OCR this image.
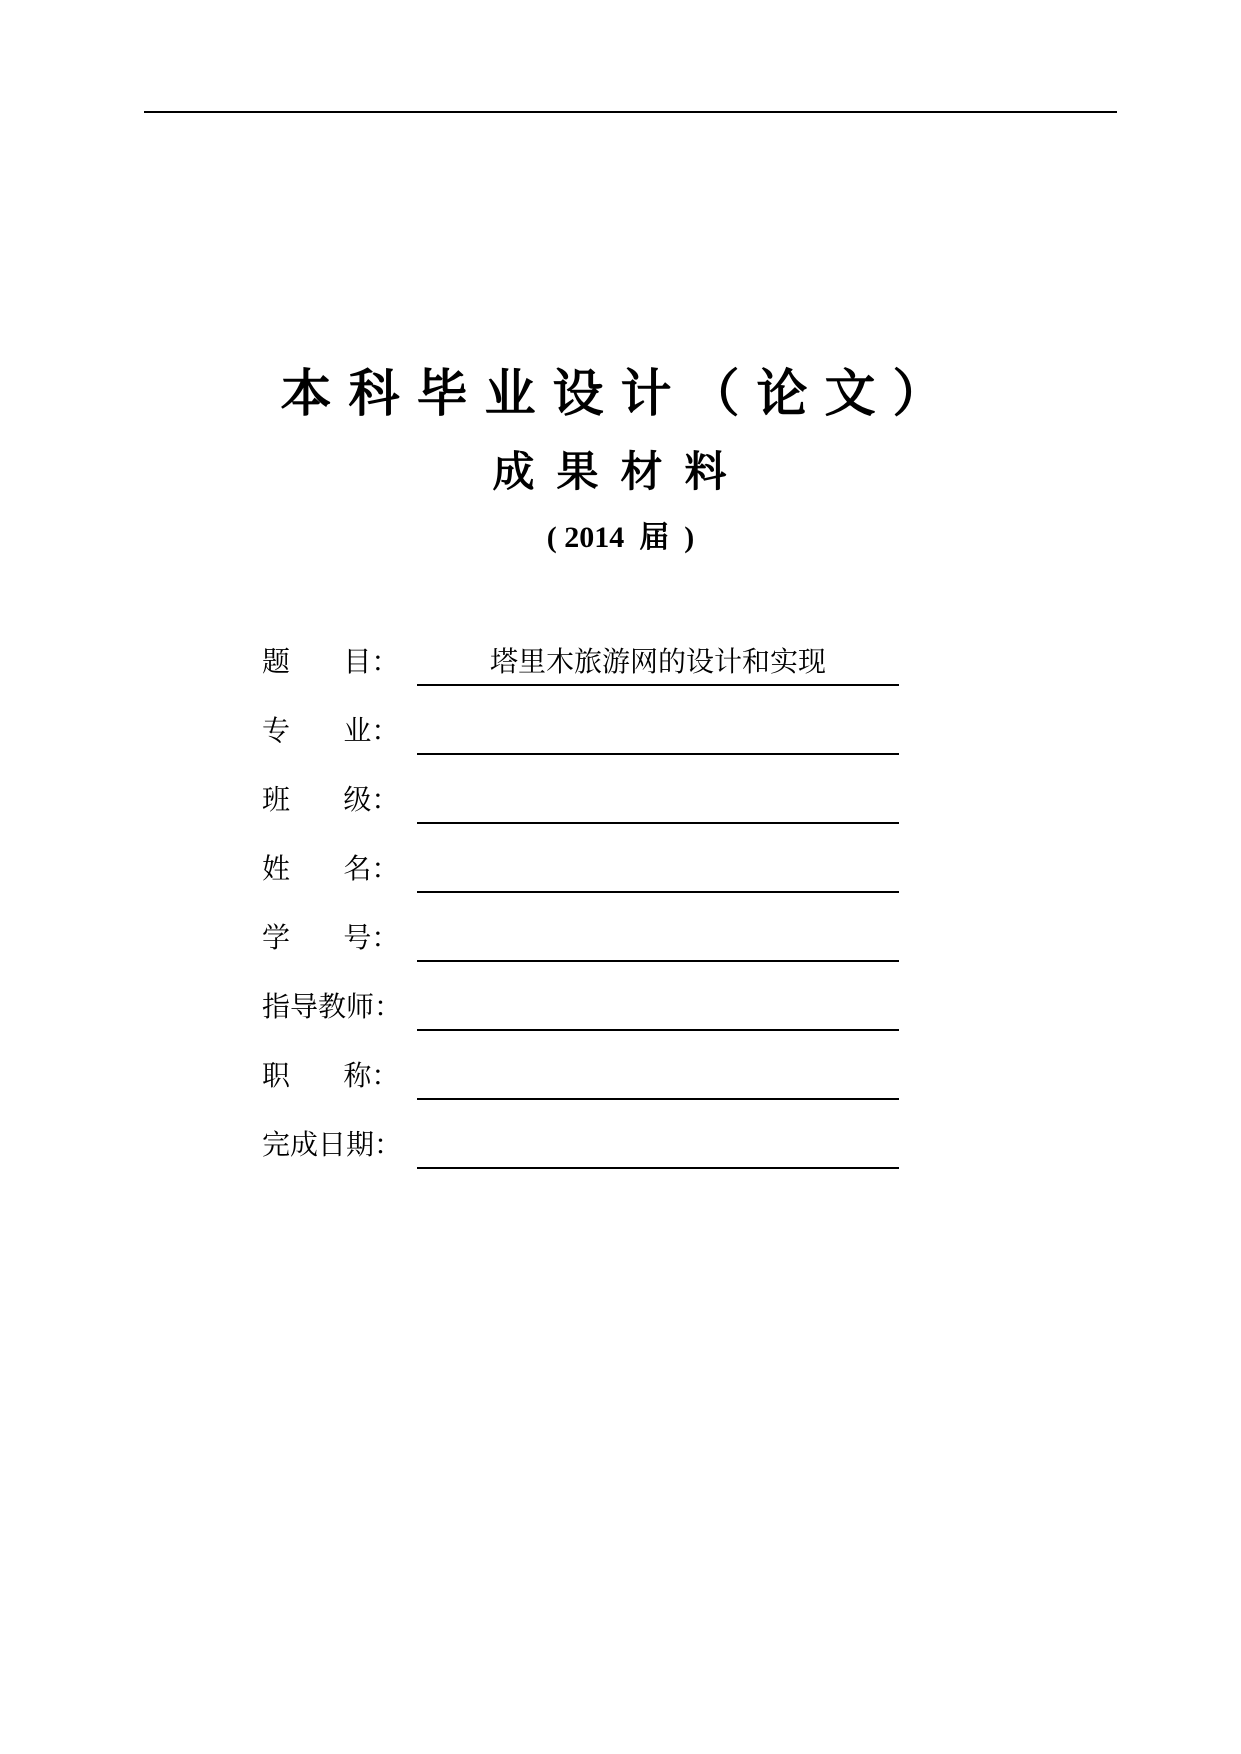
本科毕业设计（论文）
成果材料
( 2014  届  )
题      目：	塔里木旅游网的设计和实现
专      业：
班      级：
姓      名：
学      号：
指导教师：
职      称：
完成日期：
